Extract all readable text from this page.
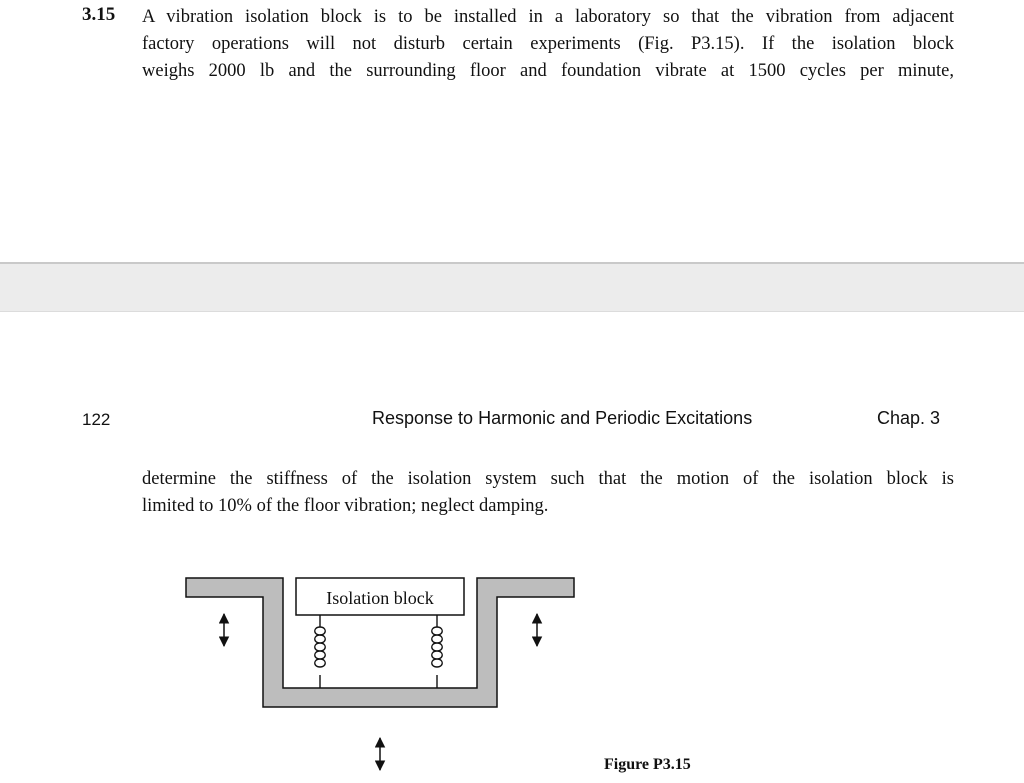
3.15 A vibration isolation block is to be installed in a laboratory so that the vibration from adjacent
factory operations will not disturb certain experiments (Fig. P3.15). If the isolation block
weighs 2000 lb and the surrounding floor and foundation vibrate at 1500 cycles per minute,
122	Response to Harmonic and Periodic Excitations	Chap. 3
determine the stiffness of the isolation system such that the motion of the isolation block is
limited to 10% of the floor vibration; neglect damping.
Isolation block
Figure P3.15
